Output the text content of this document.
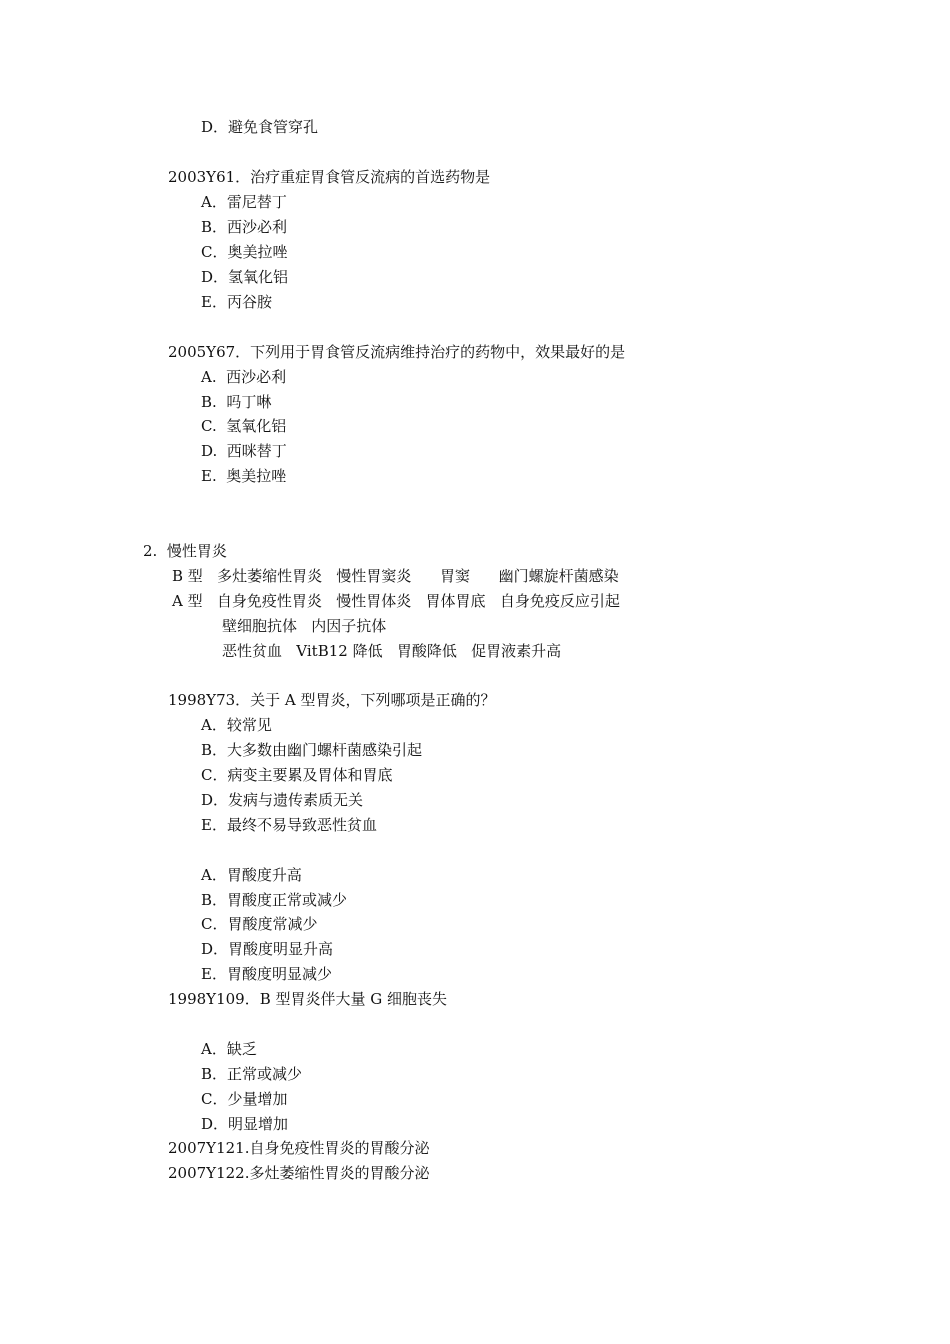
D．避免食管穿孔
2003Y61．治疗重症胃食管反流病的首选药物是
A．雷尼替丁
B．西沙必利
C．奥美拉唑
D．氢氧化铝
E．丙谷胺
2005Y67．下列用于胃食管反流病维持治疗的药物中，效果最好的是
A.  西沙必利
B.  吗丁啉
C.  氢氧化铝
D.  西咪替丁
E.  奥美拉唑
2.  慢性胃炎
B 型   多灶萎缩性胃炎   慢性胃窦炎      胃窦      幽门螺旋杆菌感染
A 型   自身免疫性胃炎   慢性胃体炎   胃体胃底   自身免疫反应引起
壁细胞抗体   内因子抗体
恶性贫血   VitB12 降低   胃酸降低   促胃液素升高
1998Y73．关于 A 型胃炎，下列哪项是正确的？
A．较常见
B．大多数由幽门螺杆菌感染引起
C．病变主要累及胃体和胃底
D．发病与遗传素质无关
E．最终不易导致恶性贫血
A．胃酸度升高
B．胃酸度正常或减少
C．胃酸度常减少
D．胃酸度明显升高
E．胃酸度明显减少
1998Y109．B 型胃炎伴大量 G 细胞丧失
A．缺乏
B．正常或减少
C．少量增加
D．明显增加
2007Y121.自身免疫性胃炎的胃酸分泌
2007Y122.多灶萎缩性胃炎的胃酸分泌
